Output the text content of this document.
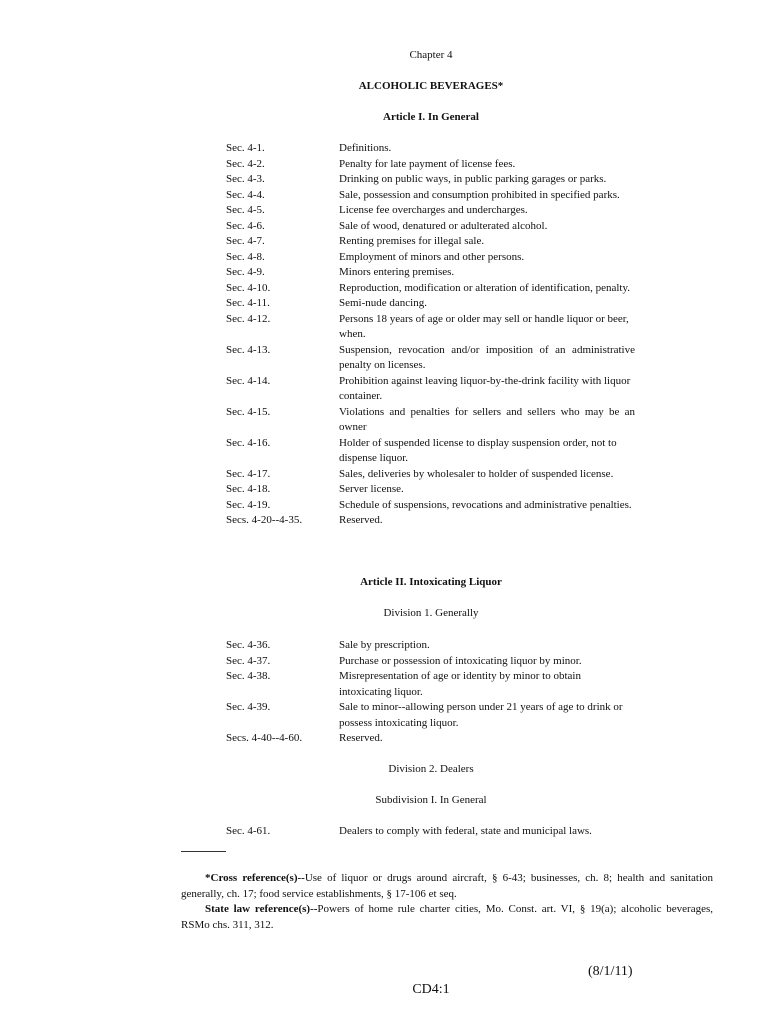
Chapter 4
ALCOHOLIC BEVERAGES*
Article I. In General
Sec. 4-1.	Definitions.
Sec. 4-2.	Penalty for late payment of license fees.
Sec. 4-3.	Drinking on public ways, in public parking garages or parks.
Sec. 4-4.	Sale, possession and consumption prohibited in specified parks.
Sec. 4-5.	License fee overcharges and undercharges.
Sec. 4-6.	Sale of wood, denatured or adulterated alcohol.
Sec. 4-7.	Renting premises for illegal sale.
Sec. 4-8.	Employment of minors and other persons.
Sec. 4-9.	Minors entering premises.
Sec. 4-10.	Reproduction, modification or alteration of identification, penalty.
Sec. 4-11.	Semi-nude dancing.
Sec. 4-12.	Persons 18 years of age or older may sell or handle liquor or beer, when.
Sec. 4-13.	Suspension, revocation and/or imposition of an administrative penalty on licenses.
Sec. 4-14.	Prohibition against leaving liquor-by-the-drink facility with liquor container.
Sec. 4-15.	Violations and penalties for sellers and sellers who may be an owner
Sec. 4-16.	Holder of suspended license to display suspension order, not to dispense liquor.
Sec. 4-17.	Sales, deliveries by wholesaler to holder of suspended license.
Sec. 4-18.	Server license.
Sec. 4-19.	Schedule of suspensions, revocations and administrative penalties.
Secs. 4-20--4-35.	Reserved.
Article II. Intoxicating Liquor
Division 1. Generally
Sec. 4-36.	Sale by prescription.
Sec. 4-37.	Purchase or possession of intoxicating liquor by minor.
Sec. 4-38.	Misrepresentation of age or identity by minor to obtain intoxicating liquor.
Sec. 4-39.	Sale to minor--allowing person under 21 years of age to drink or possess intoxicating liquor.
Secs. 4-40--4-60.	Reserved.
Division 2. Dealers
Subdivision I. In General
Sec. 4-61.	Dealers to comply with federal, state and municipal laws.

*Cross reference(s)--Use of liquor or drugs around aircraft, § 6-43; businesses, ch. 8; health and sanitation generally, ch. 17; food service establishments, § 17-106 et seq.

State law reference(s)--Powers of home rule charter cities, Mo. Const. art. VI, § 19(a); alcoholic beverages, RSMo chs. 311, 312.

(8/1/11)
CD4:1
